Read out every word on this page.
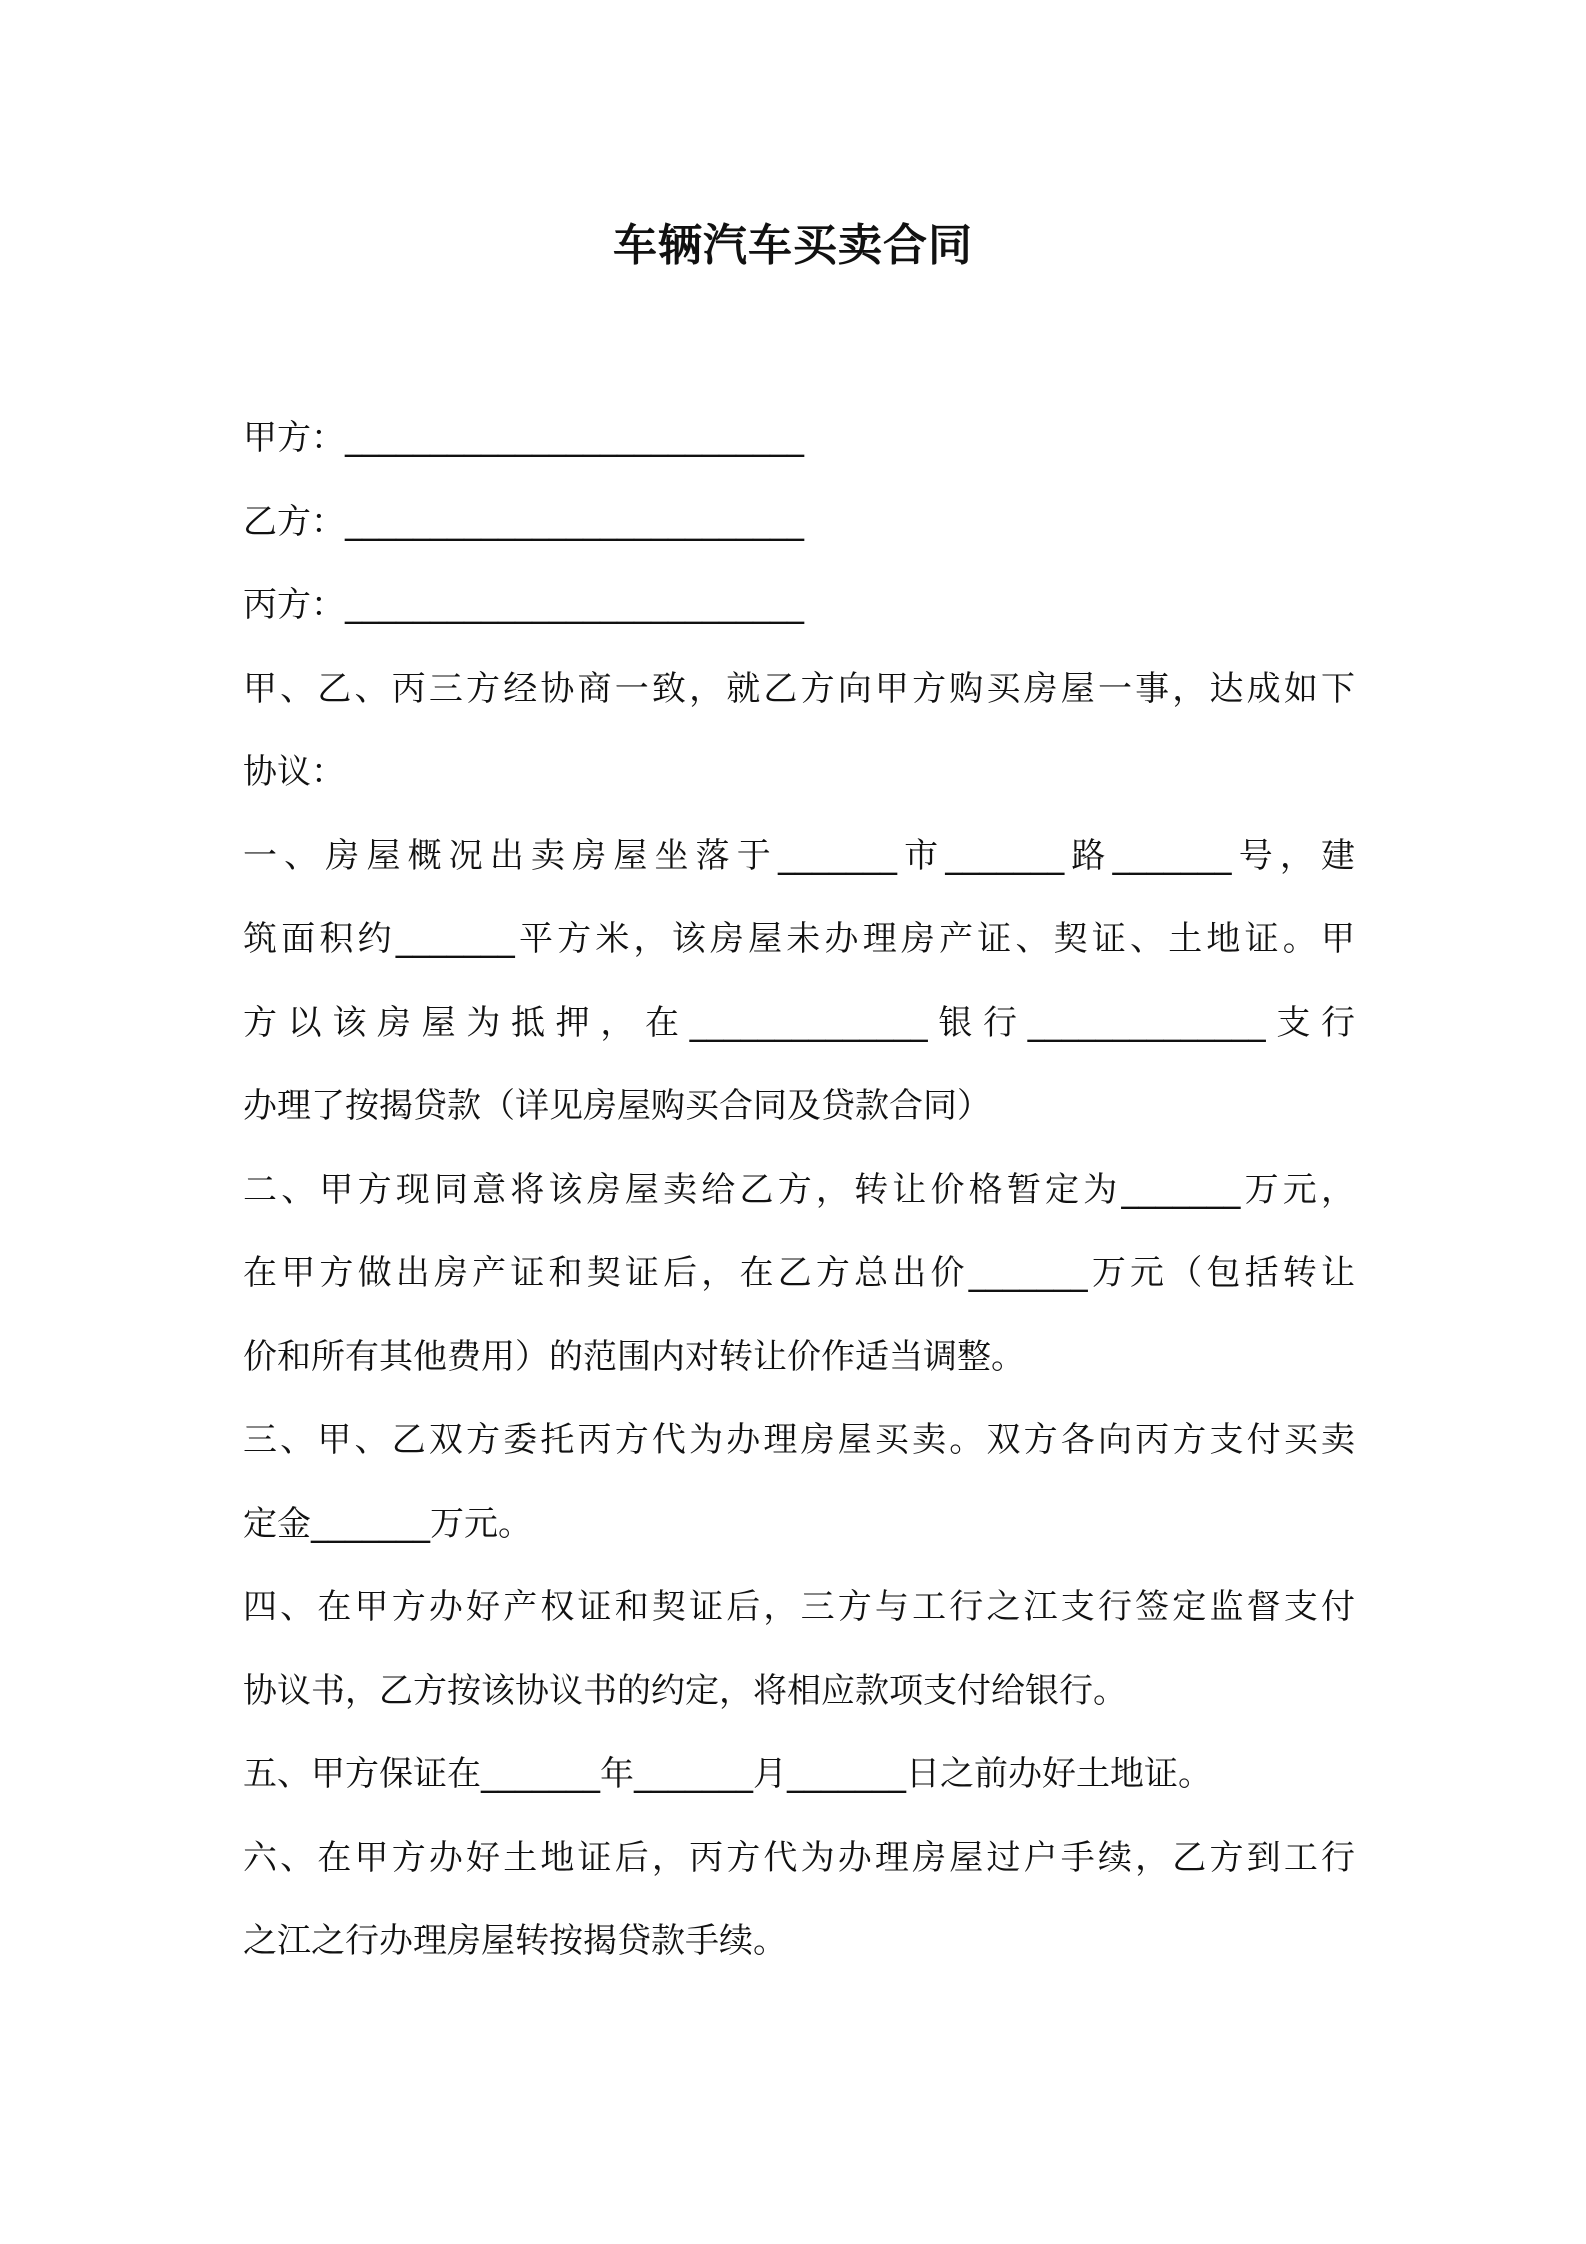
车辆汽车买卖合同

甲方：___________________________

乙方：___________________________

丙方：___________________________

甲、乙、丙三方经协商一致，就乙方向甲方购买房屋一事，达成如下

协议：

一、房屋概况出卖房屋坐落于_______市_______路_______号，建

筑面积约_______平方米，该房屋未办理房产证、契证、土地证。甲

方以该房屋为抵押，在______________银行______________支行

办理了按揭贷款（详见房屋购买合同及贷款合同）

二、甲方现同意将该房屋卖给乙方，转让价格暂定为_______万元，

在甲方做出房产证和契证后，在乙方总出价_______万元（包括转让

价和所有其他费用）的范围内对转让价作适当调整。

三、甲、乙双方委托丙方代为办理房屋买卖。双方各向丙方支付买卖

定金_______万元。

四、在甲方办好产权证和契证后，三方与工行之江支行签定监督支付

协议书，乙方按该协议书的约定，将相应款项支付给银行。

五、甲方保证在_______年_______月_______日之前办好土地证。

六、在甲方办好土地证后，丙方代为办理房屋过户手续，乙方到工行

之江之行办理房屋转按揭贷款手续。
